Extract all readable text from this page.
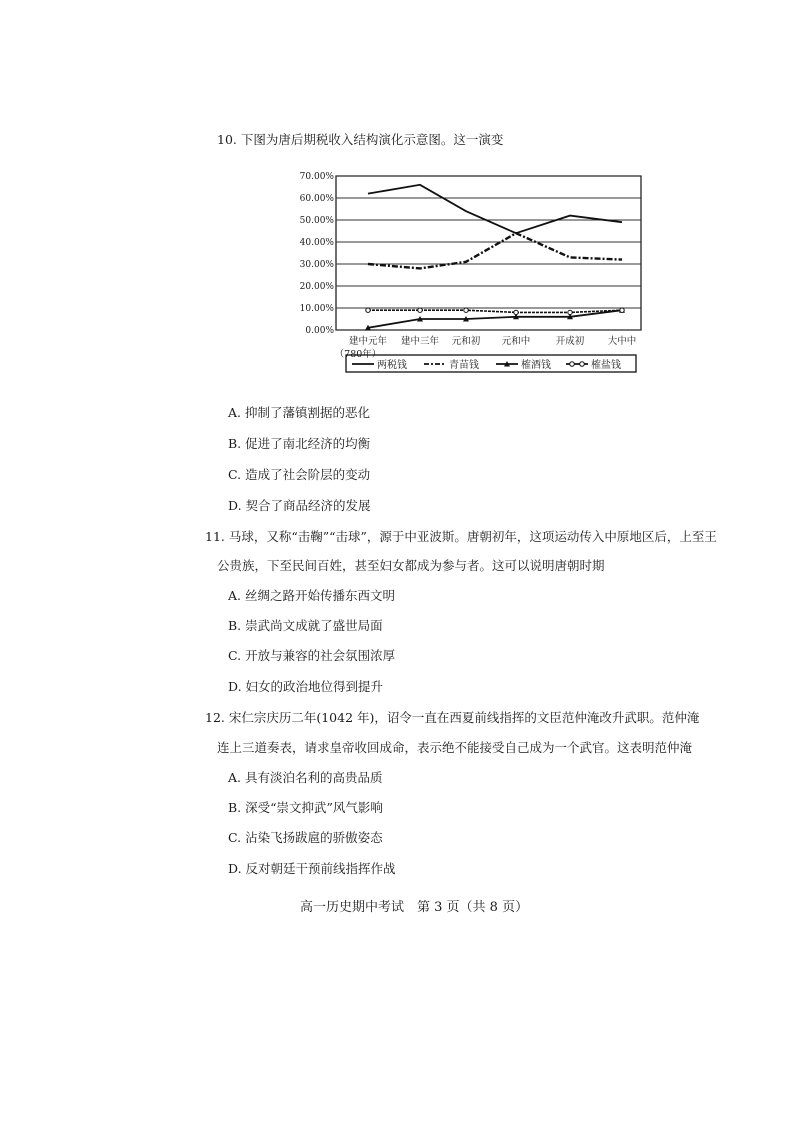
10. 下图为唐后期税收入结构演化示意图。这一演变
0.00%
10.00%
20.00%
30.00%
40.00%
50.00%
60.00%
70.00%
建中元年 建中三年 元和初 元和中	开成初 大中中
（780年）
两税钱	青苗钱	榷酒钱	榷盐钱
A. 抑制了藩镇割据的恶化
B. 促进了南北经济的均衡
C. 造成了社会阶层的变动
D. 契合了商品经济的发展
11. 马球，又称“击鞠”“击球”，源于中亚波斯。唐朝初年，这项运动传入中原地区后，上至王
公贵族，下至民间百姓，甚至妇女都成为参与者。这可以说明唐朝时期
A. 丝绸之路开始传播东西文明
B. 崇武尚文成就了盛世局面
C. 开放与兼容的社会氛围浓厚
D. 妇女的政治地位得到提升
12. 宋仁宗庆历二年(1042 年)，诏令一直在西夏前线指挥的文臣范仲淹改升武职。范仲淹
连上三道奏表，请求皇帝收回成命，表示绝不能接受自己成为一个武官。这表明范仲淹
A. 具有淡泊名利的高贵品质
B. 深受“崇文抑武”风气影响
C. 沾染飞扬跋扈的骄傲姿态
D. 反对朝廷干预前线指挥作战
高一历史期中考试　第 3 页（共 8 页）
